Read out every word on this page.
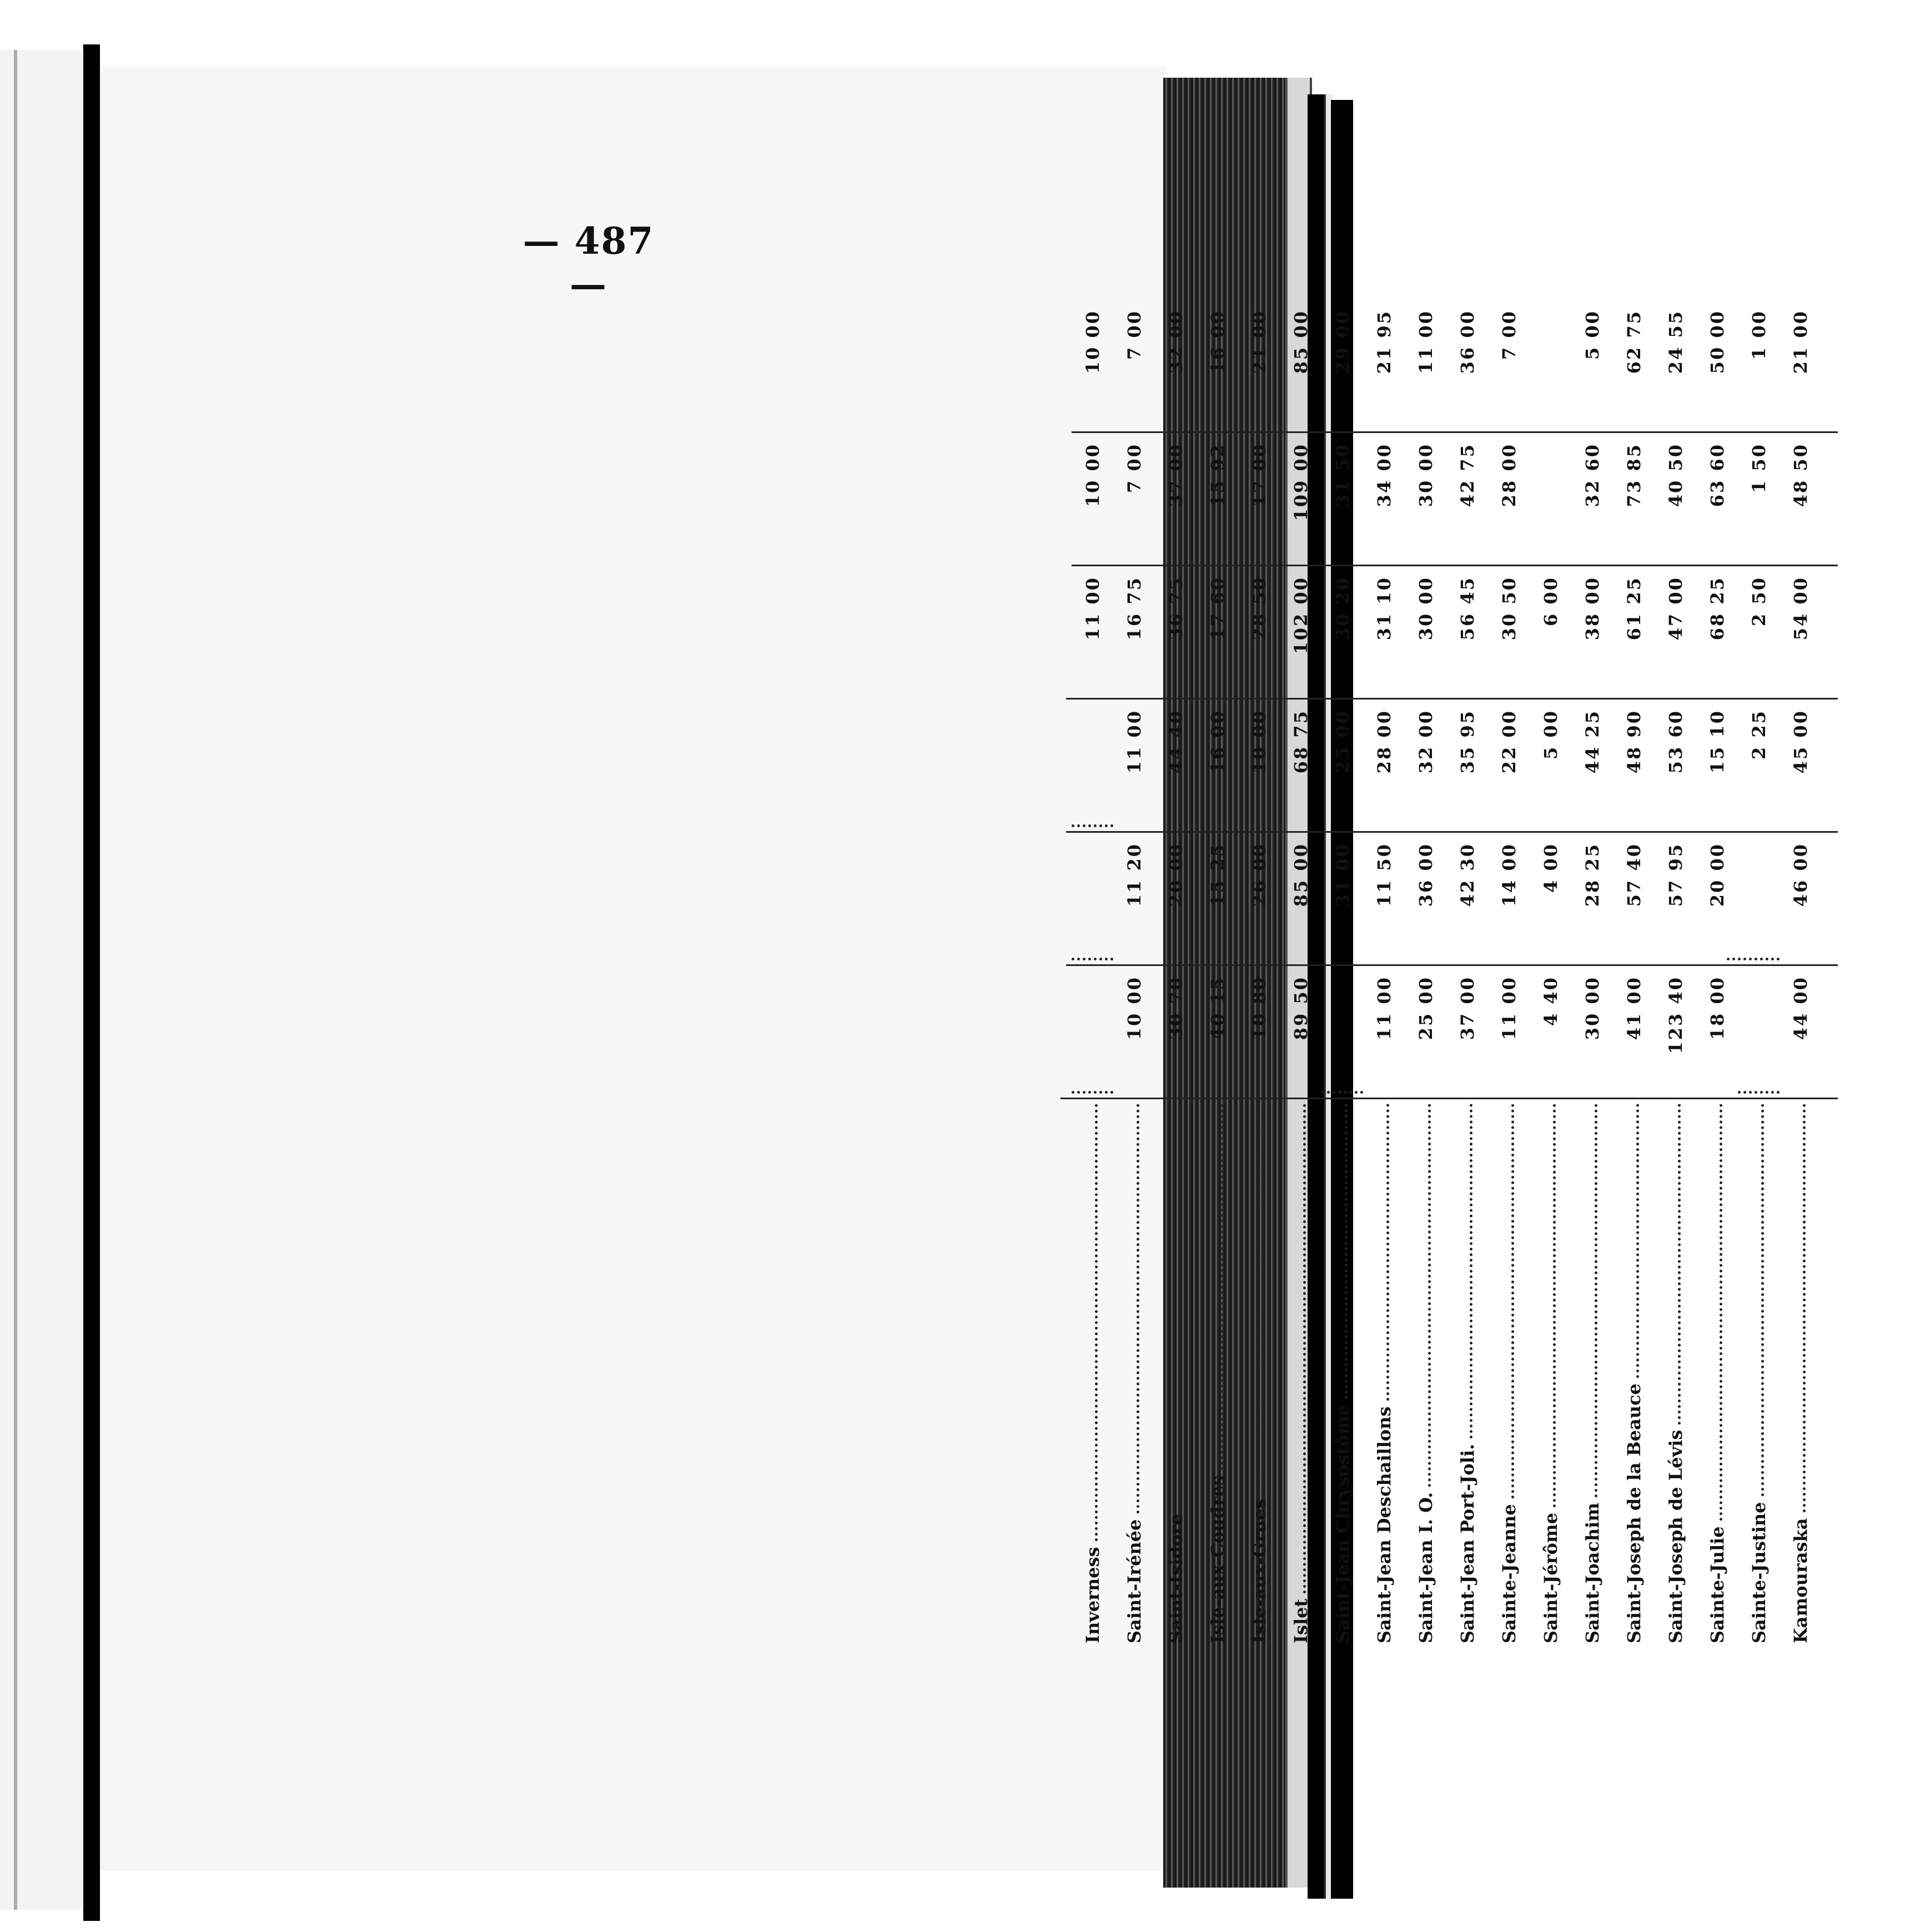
— 487 —
Inverness
11 00
10 00
10 00
Saint-Irénée
10 00
11 20
11 00
16 75
7 00
7 00
Saint-Isidore
30 70
20 00
44 40
36 75
37 00
32 00
Isle-aux-Coudres
40 15
15 25
16 00
17 60
15 92
16 00
Isle-aux-Grues
10 80
26 00
10 00
28 50
17 00
21 00
Islet
89 50
85 00
68 75
102 00
109 00
85 00
Saint-Jean Chrysostôme
31 00
25 00
30 20
31 50
29 00
Saint-Jean Deschaillons
11 00
11 50
28 00
31 10
34 00
21 95
Saint-Jean I. O.
25 00
36 00
32 00
30 00
30 00
11 00
Saint-Jean Port-Joli.
37 00
42 30
35 95
56 45
42 75
36 00
Sainte-Jeanne
11 00
14 00
22 00
30 50
28 00
7 00
Saint-Jérôme
4 40
4 00
5 00
6 00
Saint-Joachim
30 00
28 25
44 25
38 00
32 60
5 00
Saint-Joseph de la Beauce
41 00
57 40
48 90
61 25
73 85
62 75
Saint-Joseph de Lévis
123 40
57 95
53 60
47 00
40 50
24 55
Sainte-Julie
18 00
20 00
15 10
68 25
63 60
50 00
Sainte-Justine
2 25
2 50
1 50
1 00
Kamouraska
44 00
46 00
45 00
54 00
48 50
21 00
